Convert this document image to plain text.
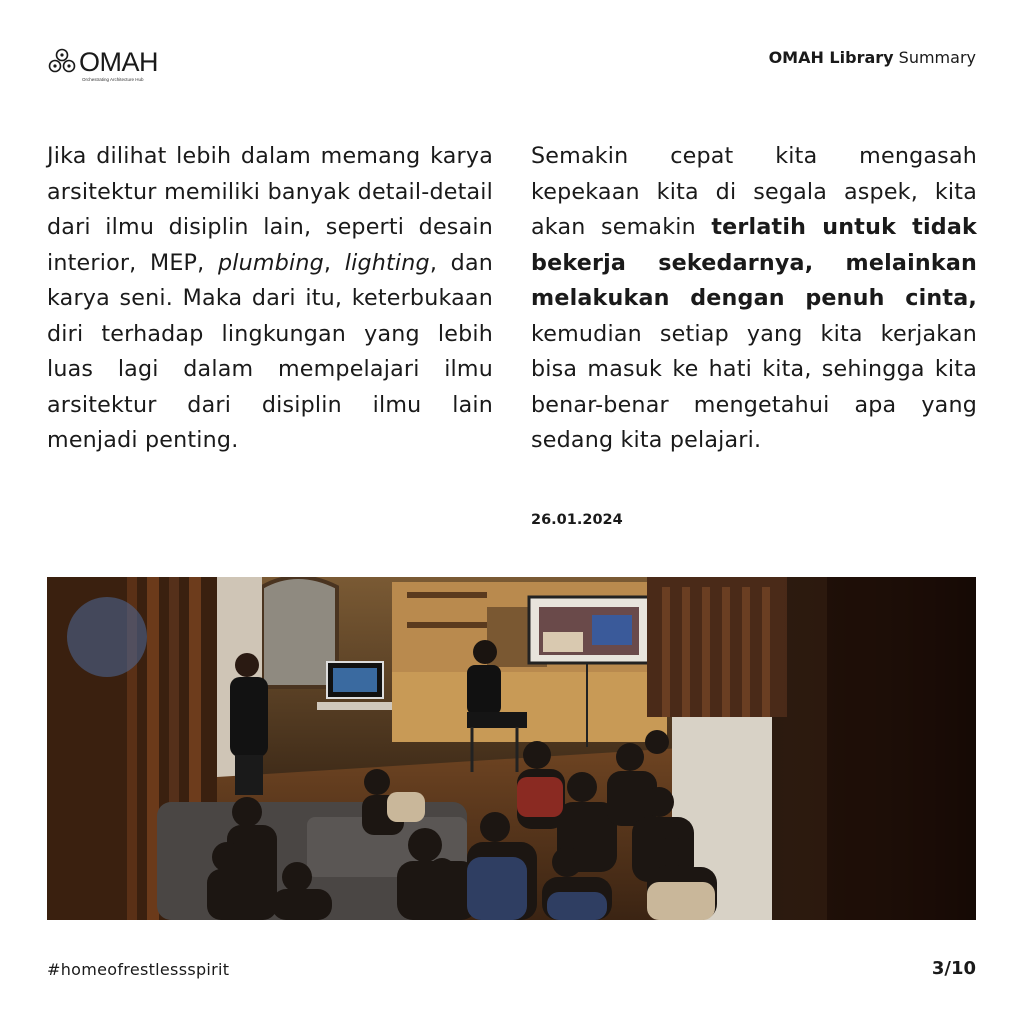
OMAH
Orchestrating Architecture Hub
OMAH Library Summary
Jika dilihat lebih dalam memang karya arsitektur memiliki banyak detail-detail dari ilmu disiplin lain, seperti desain interior, MEP, plumbing, lighting, dan karya seni. Maka dari itu, keterbukaan diri terhadap lingkungan yang lebih luas lagi dalam mempelajari ilmu arsitektur dari disiplin ilmu lain menjadi penting.
Semakin cepat kita mengasah kepekaan kita di segala aspek, kita akan semakin terlatih untuk tidak bekerja sekedarnya, melainkan melakukan dengan penuh cinta, kemudian setiap yang kita kerjakan bisa masuk ke hati kita, sehingga kita benar-benar mengetahui apa yang sedang kita pelajari.
26.01.2024
#homeofrestlessspirit	3/10
